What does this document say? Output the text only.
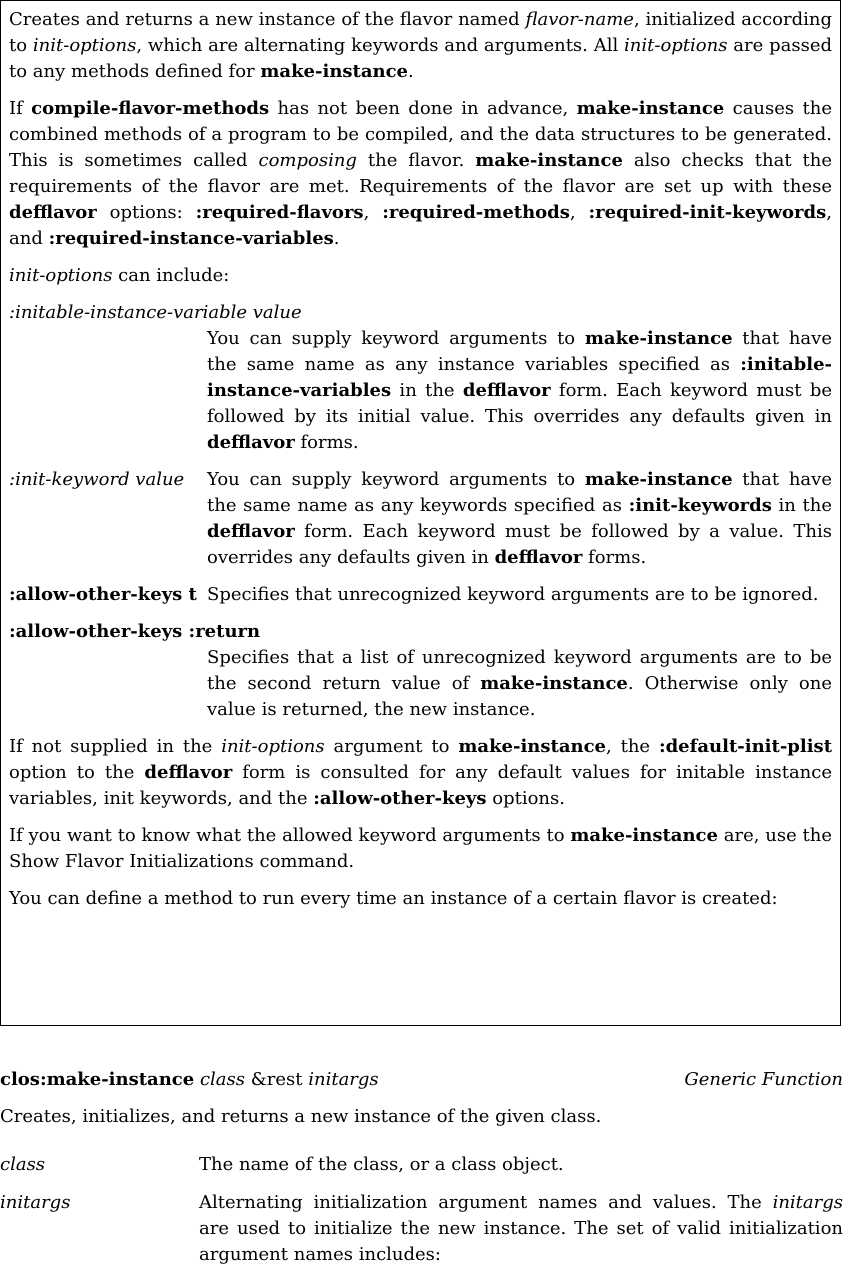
Creates and returns a new instance of the flavor named flavor-name, initialized according to init-options, which are alternating keywords and arguments. All init-options are passed to any methods defined for make-instance.

If compile-flavor-methods has not been done in advance, make-instance causes the combined methods of a program to be compiled, and the data structures to be generated. This is sometimes called composing the flavor. make-instance also checks that the requirements of the flavor are met. Requirements of the flavor are set up with these defflavor options: :required-flavors, :required-methods, :required-init-keywords, and :required-instance-variables.

init-options can include:

:initable-instance-variable value

You can supply keyword arguments to make-instance that have the same name as any instance variables specified as :initable-instance-variables in the defflavor form. Each keyword must be followed by its initial value. This overrides any defaults given in defflavor forms.
:init-keyword value	You can supply keyword arguments to make-instance that have the same name as any keywords specified as :init-keywords in the defflavor form. Each keyword must be followed by a value. This overrides any defaults given in defflavor forms.
:allow-other-keys t Specifies that unrecognized keyword arguments are to be ignored.

:allow-other-keys :return

Specifies that a list of unrecognized keyword arguments are to be the second return value of make-instance. Otherwise only one value is returned, the new instance.

If not supplied in the init-options argument to make-instance, the :default-init-plist option to the defflavor form is consulted for any default values for initable instance variables, init keywords, and the :allow-other-keys options.

If you want to know what the allowed keyword arguments to make-instance are, use the Show Flavor Initializations command.

You can define a method to run every time an instance of a certain flavor is created:

clos:make-instance class &rest initargs	Generic Function
Creates, initializes, and returns a new instance of the given class.
class	The name of the class, or a class object.
initargs	Alternating initialization argument names and values. The initargs are used to initialize the new instance. The set of valid initialization argument names includes:
